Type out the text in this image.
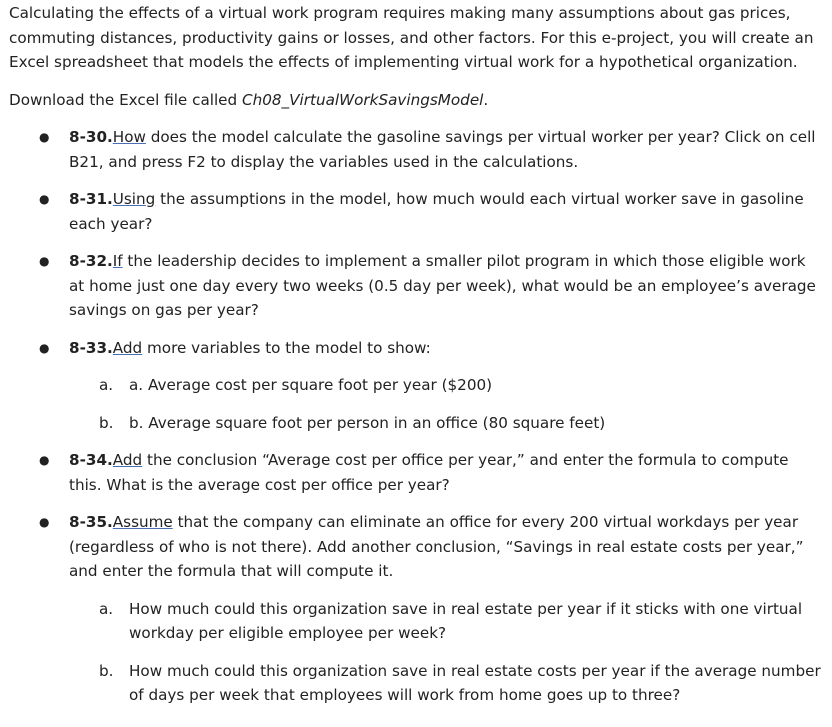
Calculating the effects of a virtual work program requires making many assumptions about gas prices, commuting distances, productivity gains or losses, and other factors. For this e-project, you will create an Excel spreadsheet that models the effects of implementing virtual work for a hypothetical organization.

Download the Excel file called Ch08_VirtualWorkSavingsModel.

● 8-30.How does the model calculate the gasoline savings per virtual worker per year? Click on cell B21, and press F2 to display the variables used in the calculations.
● 8-31.Using the assumptions in the model, how much would each virtual worker save in gasoline each year?
● 8-32.If the leadership decides to implement a smaller pilot program in which those eligible work at home just one day every two weeks (0.5 day per week), what would be an employee’s average savings on gas per year?
● 8-33.Add more variables to the model to show:
a. a. Average cost per square foot per year ($200)
b. b. Average square foot per person in an office (80 square feet)
● 8-34.Add the conclusion “Average cost per office per year,” and enter the formula to compute this. What is the average cost per office per year?
● 8-35.Assume that the company can eliminate an office for every 200 virtual workdays per year (regardless of who is not there). Add another conclusion, “Savings in real estate costs per year,” and enter the formula that will compute it.
a. How much could this organization save in real estate per year if it sticks with one virtual workday per eligible employee per week?
b. How much could this organization save in real estate costs per year if the average number of days per week that employees will work from home goes up to three?
